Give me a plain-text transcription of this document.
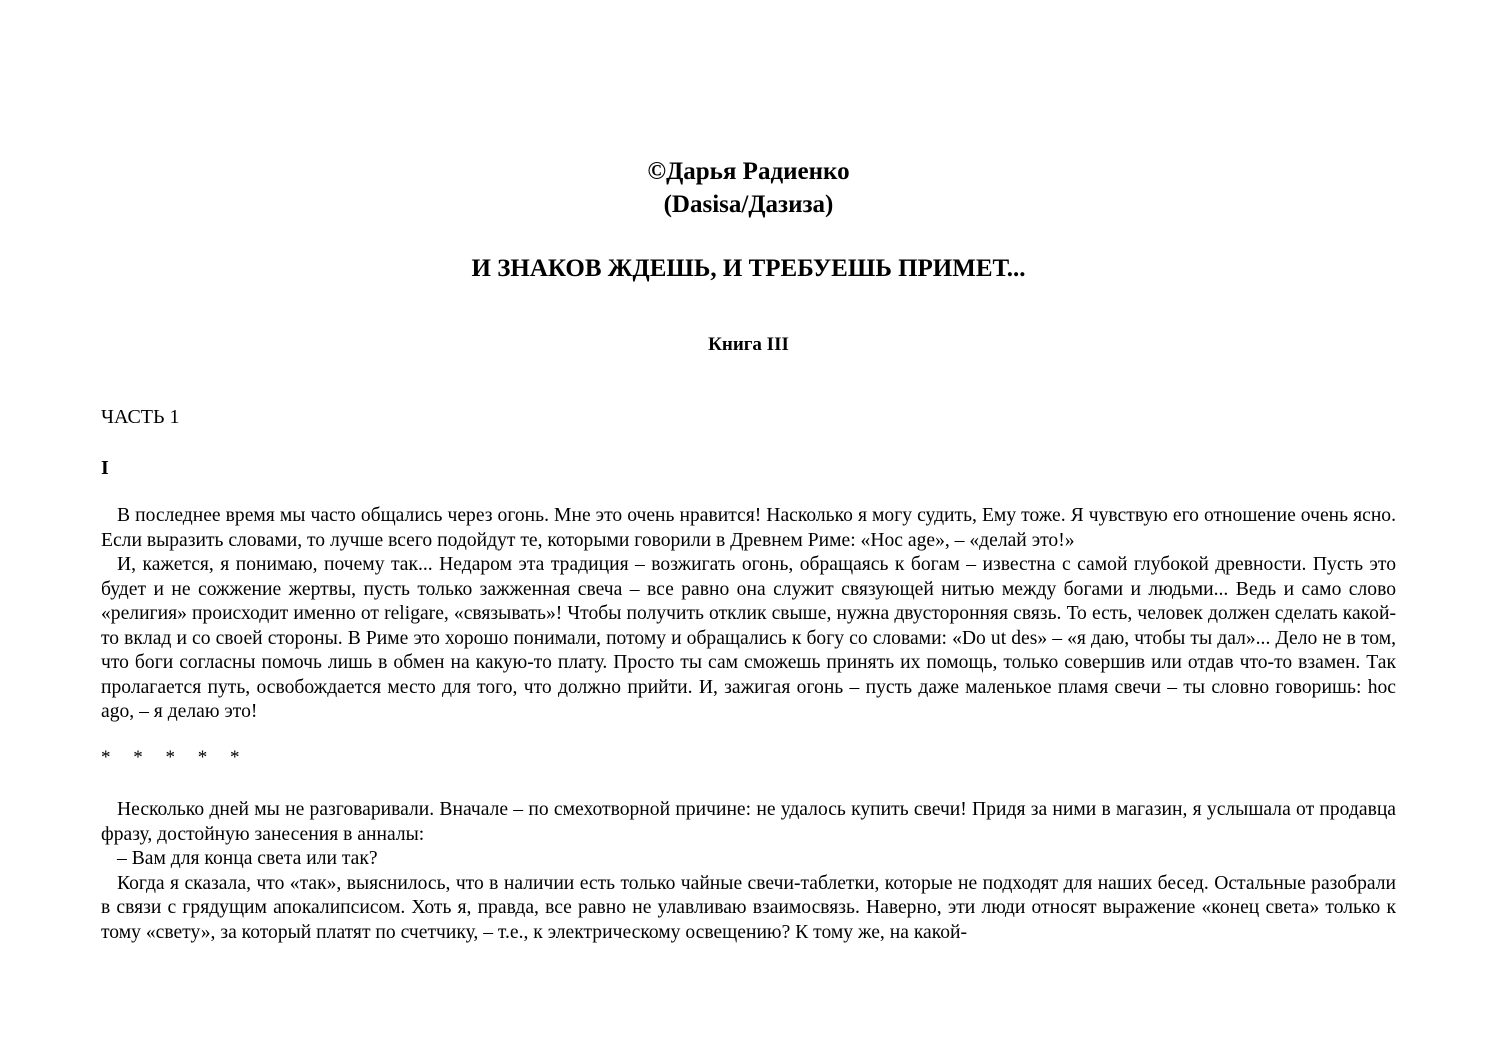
©Дарья Радиенко
(Dasisa/Дазиза)
И ЗНАКОВ ЖДЕШЬ, И ТРЕБУЕШЬ ПРИМЕТ...
Книга III
ЧАСТЬ 1
I

В последнее время мы часто общались через огонь. Мне это очень нравится! Насколько я могу судить, Ему тоже. Я чувствую его отношение очень ясно. Если выразить словами, то лучше всего подойдут те, которыми говорили в Древнем Риме: «Hoc age», – «делай это!»

И, кажется, я понимаю, почему так... Недаром эта традиция – возжигать огонь, обращаясь к богам – известна с самой глубокой древности. Пусть это будет и не сожжение жертвы, пусть только зажженная свеча – все равно она служит связующей нитью между богами и людьми... Ведь и само слово «религия» происходит именно от religare, «связывать»! Чтобы получить отклик свыше, нужна двусторонняя связь. То есть, человек должен сделать какой-то вклад и со своей стороны. В Риме это хорошо понимали, потому и обращались к богу со словами: «Do ut des» – «я даю, чтобы ты дал»... Дело не в том, что боги согласны помочь лишь в обмен на какую-то плату. Просто ты сам сможешь принять их помощь, только совершив или отдав что-то взамен. Так пролагается путь, освобождается место для того, что должно прийти. И, зажигая огонь – пусть даже маленькое пламя свечи – ты словно говоришь: hoc ago, – я делаю это!

* * * * *

Несколько дней мы не разговаривали. Вначале – по смехотворной причине: не удалось купить свечи! Придя за ними в магазин, я услышала от продавца фразу, достойную занесения в анналы:

– Вам для конца света или так?

Когда я сказала, что «так», выяснилось, что в наличии есть только чайные свечи-таблетки, которые не подходят для наших бесед. Остальные разобрали в связи с грядущим апокалипсисом. Хоть я, правда, все равно не улавливаю взаимосвязь. Наверно, эти люди относят выражение «конец света» только к тому «свету», за который платят по счетчику, – т.е., к электрическому освещению? К тому же, на какой-
